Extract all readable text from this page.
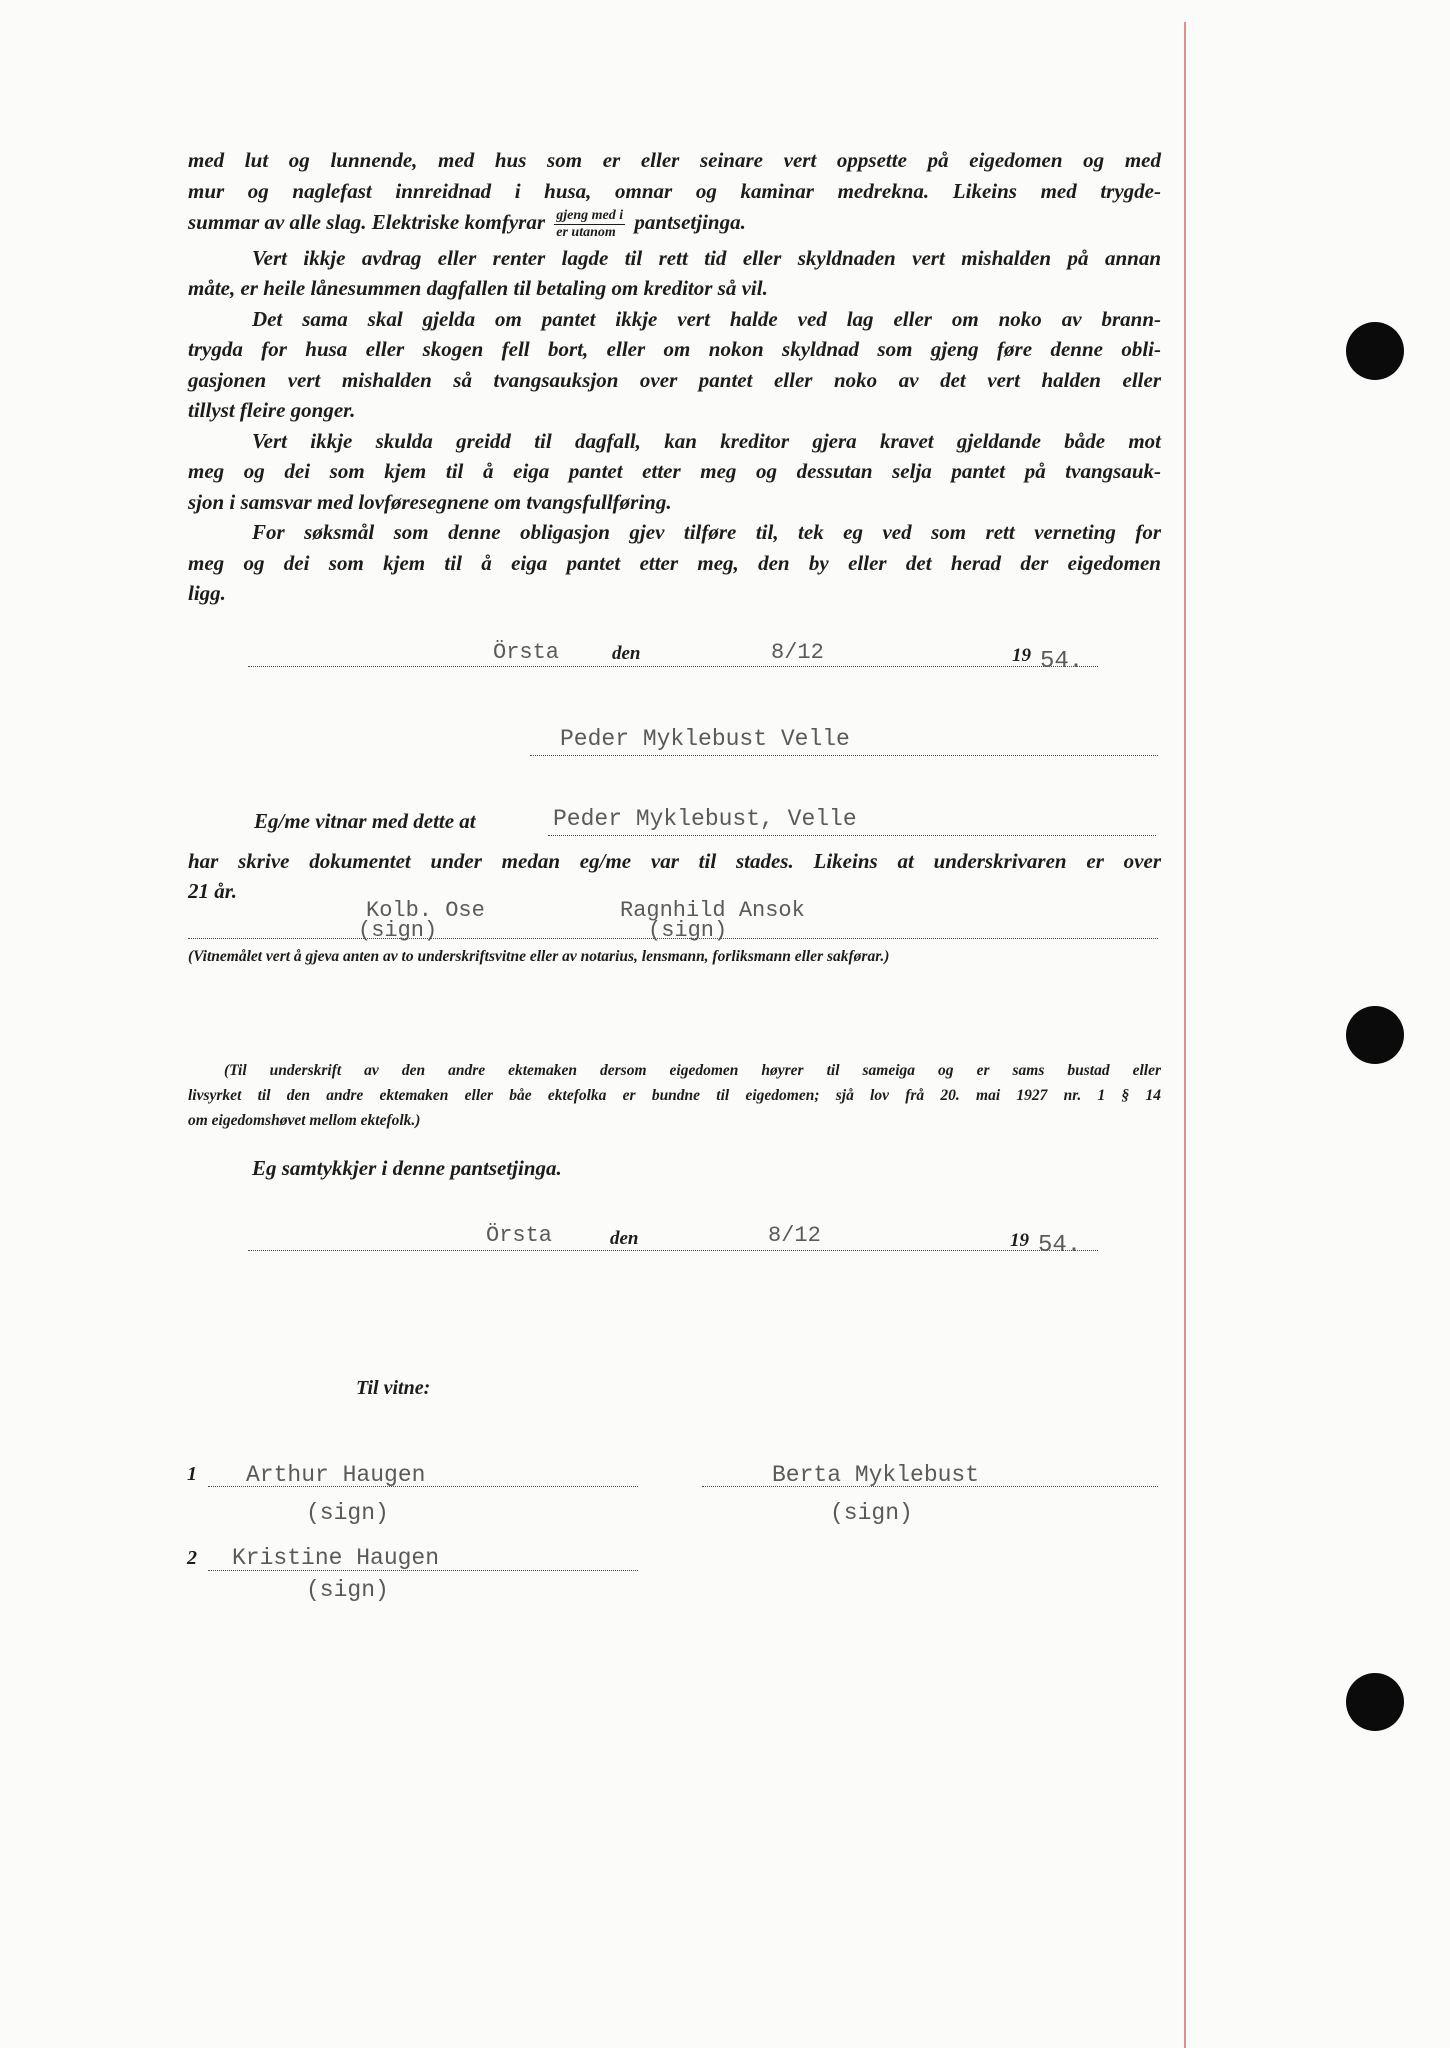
med lut og lunnende, med hus som er eller seinare vert oppsette på eigedomen og med
mur og naglefast innreidnad i husa, omnar og kaminar medrekna. Likeins med trygde-
summar av alle slag. Elektriske komfyrar $\frac{\text{gjeng med i}}{\text{er utanom}}$ pantsetjinga.
Vert ikkje avdrag eller renter lagde til rett tid eller skyldnaden vert mishalden på annan
måte, er heile lånesummen dagfallen til betaling om kreditor så vil.
Det sama skal gjelda om pantet ikkje vert halde ved lag eller om noko av brann-
trygda for husa eller skogen fell bort, eller om nokon skyldnad som gjeng føre denne obli-
gasjonen vert mishalden så tvangsauksjon over pantet eller noko av det vert halden eller
tillyst fleire gonger.
Vert ikkje skulda greidd til dagfall, kan kreditor gjera kravet gjeldande både mot
meg og dei som kjem til å eiga pantet etter meg og dessutan selja pantet på tvangsauk-
sjon i samsvar med lovføresegnene om tvangsfullføring.
For søksmål som denne obligasjon gjev tilføre til, tek eg ved som rett verneting for
meg og dei som kjem til å eiga pantet etter meg, den by eller det herad der eigedomen
ligg.
Örsta	den	8/12	19 54.
Peder Myklebust Velle
Eg/me vitnar med dette at	Peder Myklebust, Velle
har skrive dokumentet under medan eg/me var til stades. Likeins at underskrivaren er over
21 år.
Kolb. Ose
(sign)
Ragnhild Ansok
(sign)
(Vitnemålet vert å gjeva anten av to underskriftsvitne eller av notarius, lensmann, forliksmann eller sakførar.)
(Til underskrift av den andre ektemaken dersom eigedomen høyrer til sameiga og er sams bustad eller
livsyrket til den andre ektemaken eller båe ektefolka er bundne til eigedomen; sjå lov frå 20. mai 1927 nr. 1 § 14
om eigedomshøvet mellom ektefolk.)
Eg samtykkjer i denne pantsetjinga.
Örsta	den	8/12	19 54.
Til vitne:
1 Arthur Haugen
(sign)
Berta Myklebust
(sign)
2 Kristine Haugen
(sign)
